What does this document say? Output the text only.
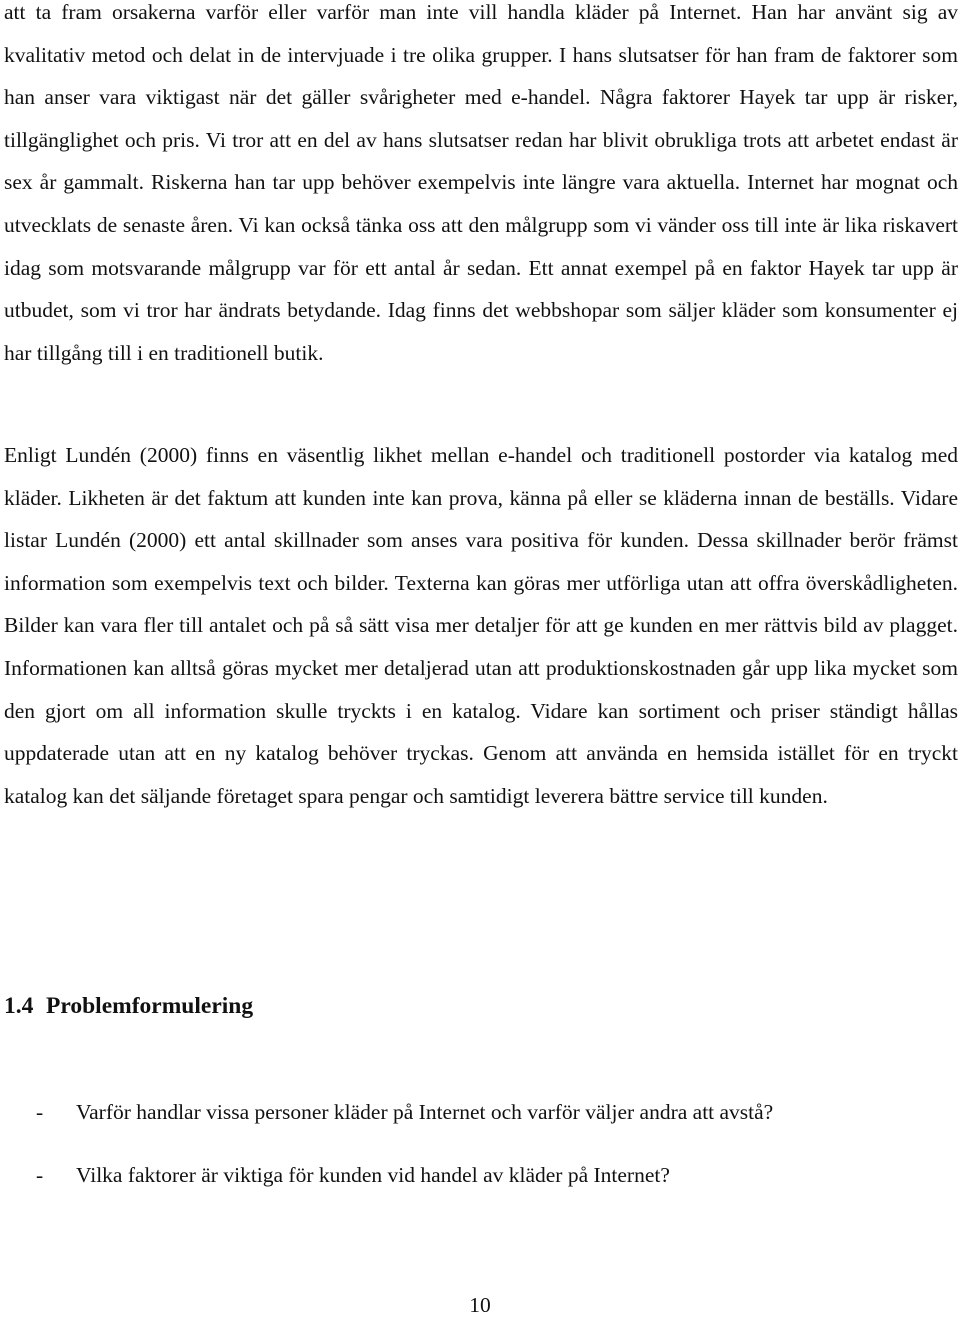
att ta fram orsakerna varför eller varför man inte vill handla kläder på Internet. Han har använt sig av kvalitativ metod och delat in de intervjuade i tre olika grupper. I hans slutsatser för han fram de faktorer som han anser vara viktigast när det gäller svårigheter med e-handel. Några faktorer Hayek tar upp är risker, tillgänglighet och pris. Vi tror att en del av hans slutsatser redan har blivit obrukliga trots att arbetet endast är sex år gammalt. Riskerna han tar upp behöver exempelvis inte längre vara aktuella. Internet har mognat och utvecklats de senaste åren. Vi kan också tänka oss att den målgrupp som vi vänder oss till inte är lika riskavert idag som motsvarande målgrupp var för ett antal år sedan. Ett annat exempel på en faktor Hayek tar upp är utbudet, som vi tror har ändrats betydande. Idag finns det webbshopar som säljer kläder som konsumenter ej har tillgång till i en traditionell butik.

Enligt Lundén (2000) finns en väsentlig likhet mellan e-handel och traditionell postorder via katalog med kläder. Likheten är det faktum att kunden inte kan prova, känna på eller se kläderna innan de beställs. Vidare listar Lundén (2000) ett antal skillnader som anses vara positiva för kunden. Dessa skillnader berör främst information som exempelvis text och bilder. Texterna kan göras mer utförliga utan att offra överskådligheten. Bilder kan vara fler till antalet och på så sätt visa mer detaljer för att ge kunden en mer rättvis bild av plagget. Informationen kan alltså göras mycket mer detaljerad utan att produktionskostnaden går upp lika mycket som den gjort om all information skulle tryckts i en katalog. Vidare kan sortiment och priser ständigt hållas uppdaterade utan att en ny katalog behöver tryckas. Genom att använda en hemsida istället för en tryckt katalog kan det säljande företaget spara pengar och samtidigt leverera bättre service till kunden.

1.4 Problemformulering
- Varför handlar vissa personer kläder på Internet och varför väljer andra att avstå?
- Vilka faktorer är viktiga för kunden vid handel av kläder på Internet?

10
